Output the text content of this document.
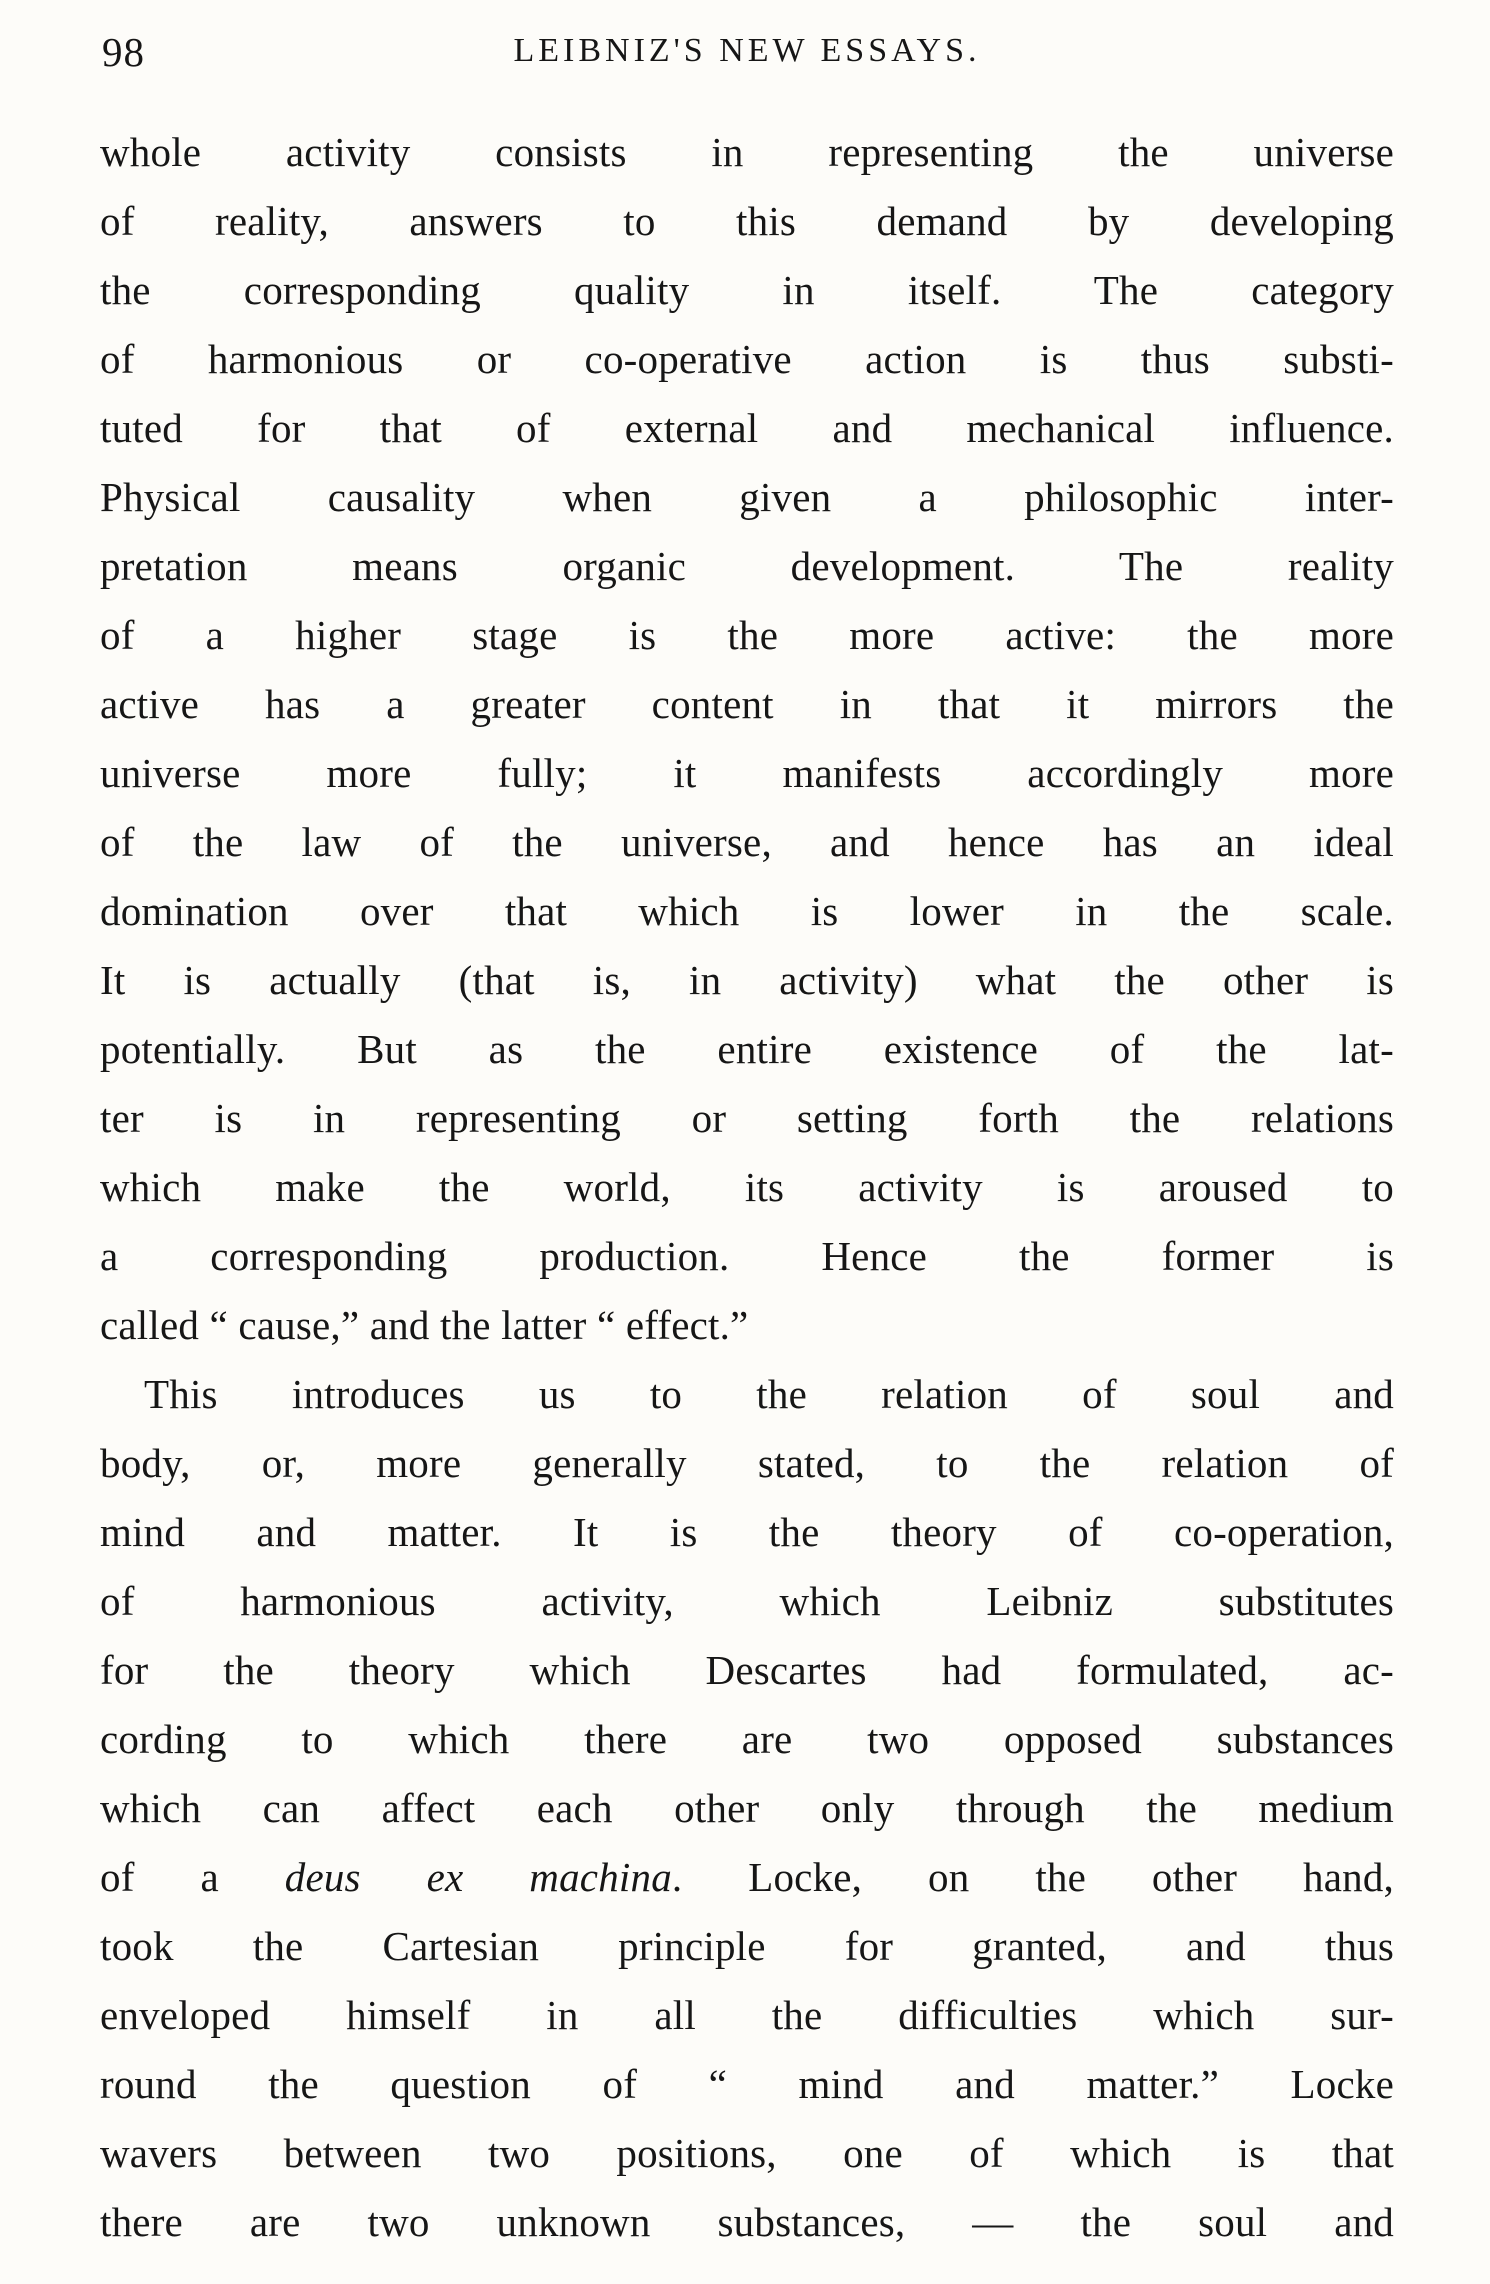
98	LEIBNIZ'S NEW ESSAYS.
whole activity consists in representing the universe
of reality, answers to this demand by developing
the corresponding quality in itself. The category
of harmonious or co-operative action is thus substi-
tuted for that of external and mechanical influence.
Physical causality when given a philosophic inter-
pretation means organic development. The reality
of a higher stage is the more active: the more
active has a greater content in that it mirrors the
universe more fully; it manifests accordingly more
of the law of the universe, and hence has an ideal
domination over that which is lower in the scale.
It is actually (that is, in activity) what the other is
potentially. But as the entire existence of the lat-
ter is in representing or setting forth the relations
which make the world, its activity is aroused to
a corresponding production. Hence the former is
called “ cause,” and the latter “ effect.”
This introduces us to the relation of soul and
body, or, more generally stated, to the relation of
mind and matter. It is the theory of co-operation,
of harmonious activity, which Leibniz substitutes
for the theory which Descartes had formulated, ac-
cording to which there are two opposed substances
which can affect each other only through the medium
of a deus ex machina. Locke, on the other hand,
took the Cartesian principle for granted, and thus
enveloped himself in all the difficulties which sur-
round the question of “ mind and matter.” Locke
wavers between two positions, one of which is that
there are two unknown substances, — the soul and
